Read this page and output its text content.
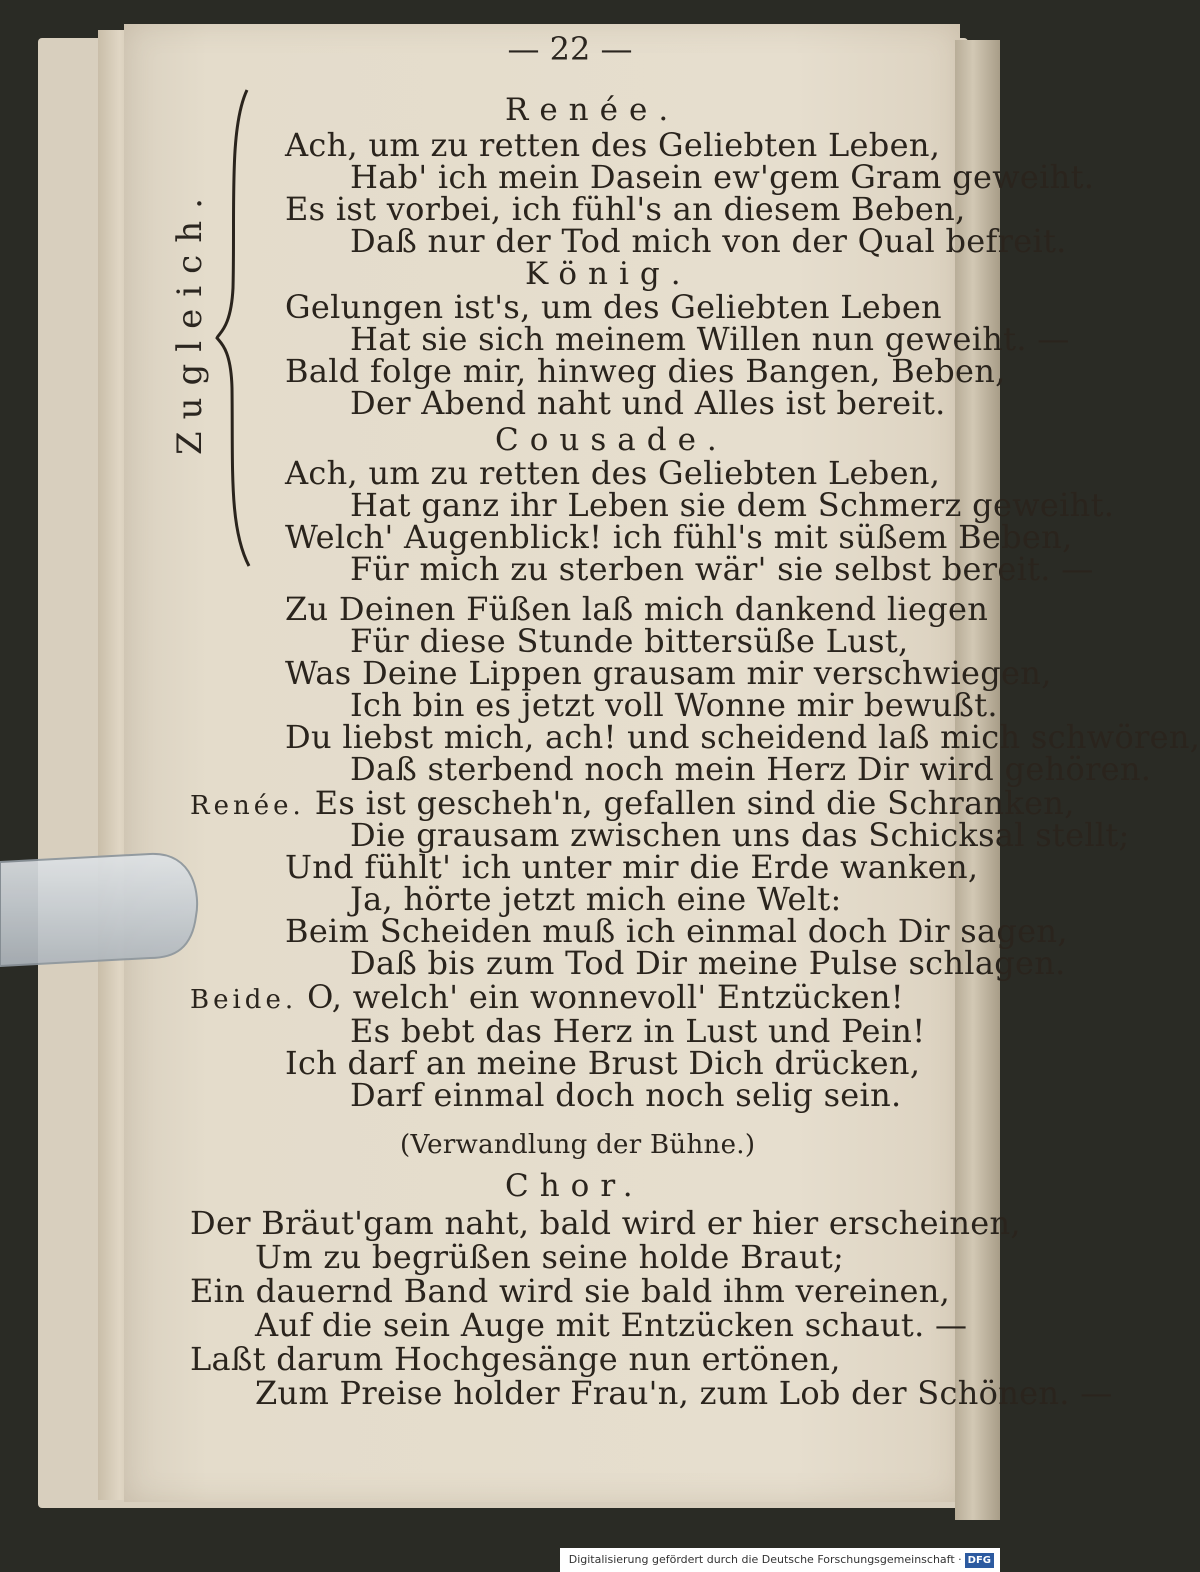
— 22 —
Zugleich.
Renée.
Ach, um zu retten des Geliebten Leben,
Hab' ich mein Dasein ew'gem Gram geweiht.
Es ist vorbei, ich fühl's an diesem Beben,
Daß nur der Tod mich von der Qual befreit.
König.
Gelungen ist's, um des Geliebten Leben
Hat sie sich meinem Willen nun geweiht. —
Bald folge mir, hinweg dies Bangen, Beben,
Der Abend naht und Alles ist bereit.
Cousade.
Ach, um zu retten des Geliebten Leben,
Hat ganz ihr Leben sie dem Schmerz geweiht.
Welch' Augenblick! ich fühl's mit süßem Beben,
Für mich zu sterben wär' sie selbst bereit. —
Zu Deinen Füßen laß mich dankend liegen
Für diese Stunde bittersüße Lust,
Was Deine Lippen grausam mir verschwiegen,
Ich bin es jetzt voll Wonne mir bewußt.
Du liebst mich, ach! und scheidend laß mich schwören,
Daß sterbend noch mein Herz Dir wird gehören.
Renée. Es ist gescheh'n, gefallen sind die Schranken,
Die grausam zwischen uns das Schicksal stellt;
Und fühlt' ich unter mir die Erde wanken,
Ja, hörte jetzt mich eine Welt:
Beim Scheiden muß ich einmal doch Dir sagen,
Daß bis zum Tod Dir meine Pulse schlagen.
Beide. O, welch' ein wonnevoll' Entzücken!
Es bebt das Herz in Lust und Pein!
Ich darf an meine Brust Dich drücken,
Darf einmal doch noch selig sein.
(Verwandlung der Bühne.)
Chor.
Der Bräut'gam naht, bald wird er hier erscheinen,
Um zu begrüßen seine holde Braut;
Ein dauernd Band wird sie bald ihm vereinen,
Auf die sein Auge mit Entzücken schaut. —
Laßt darum Hochgesänge nun ertönen,
Zum Preise holder Frau'n, zum Lob der Schönen. —
Digitalisierung gefördert durch die Deutsche Forschungsgemeinschaft · DFG
